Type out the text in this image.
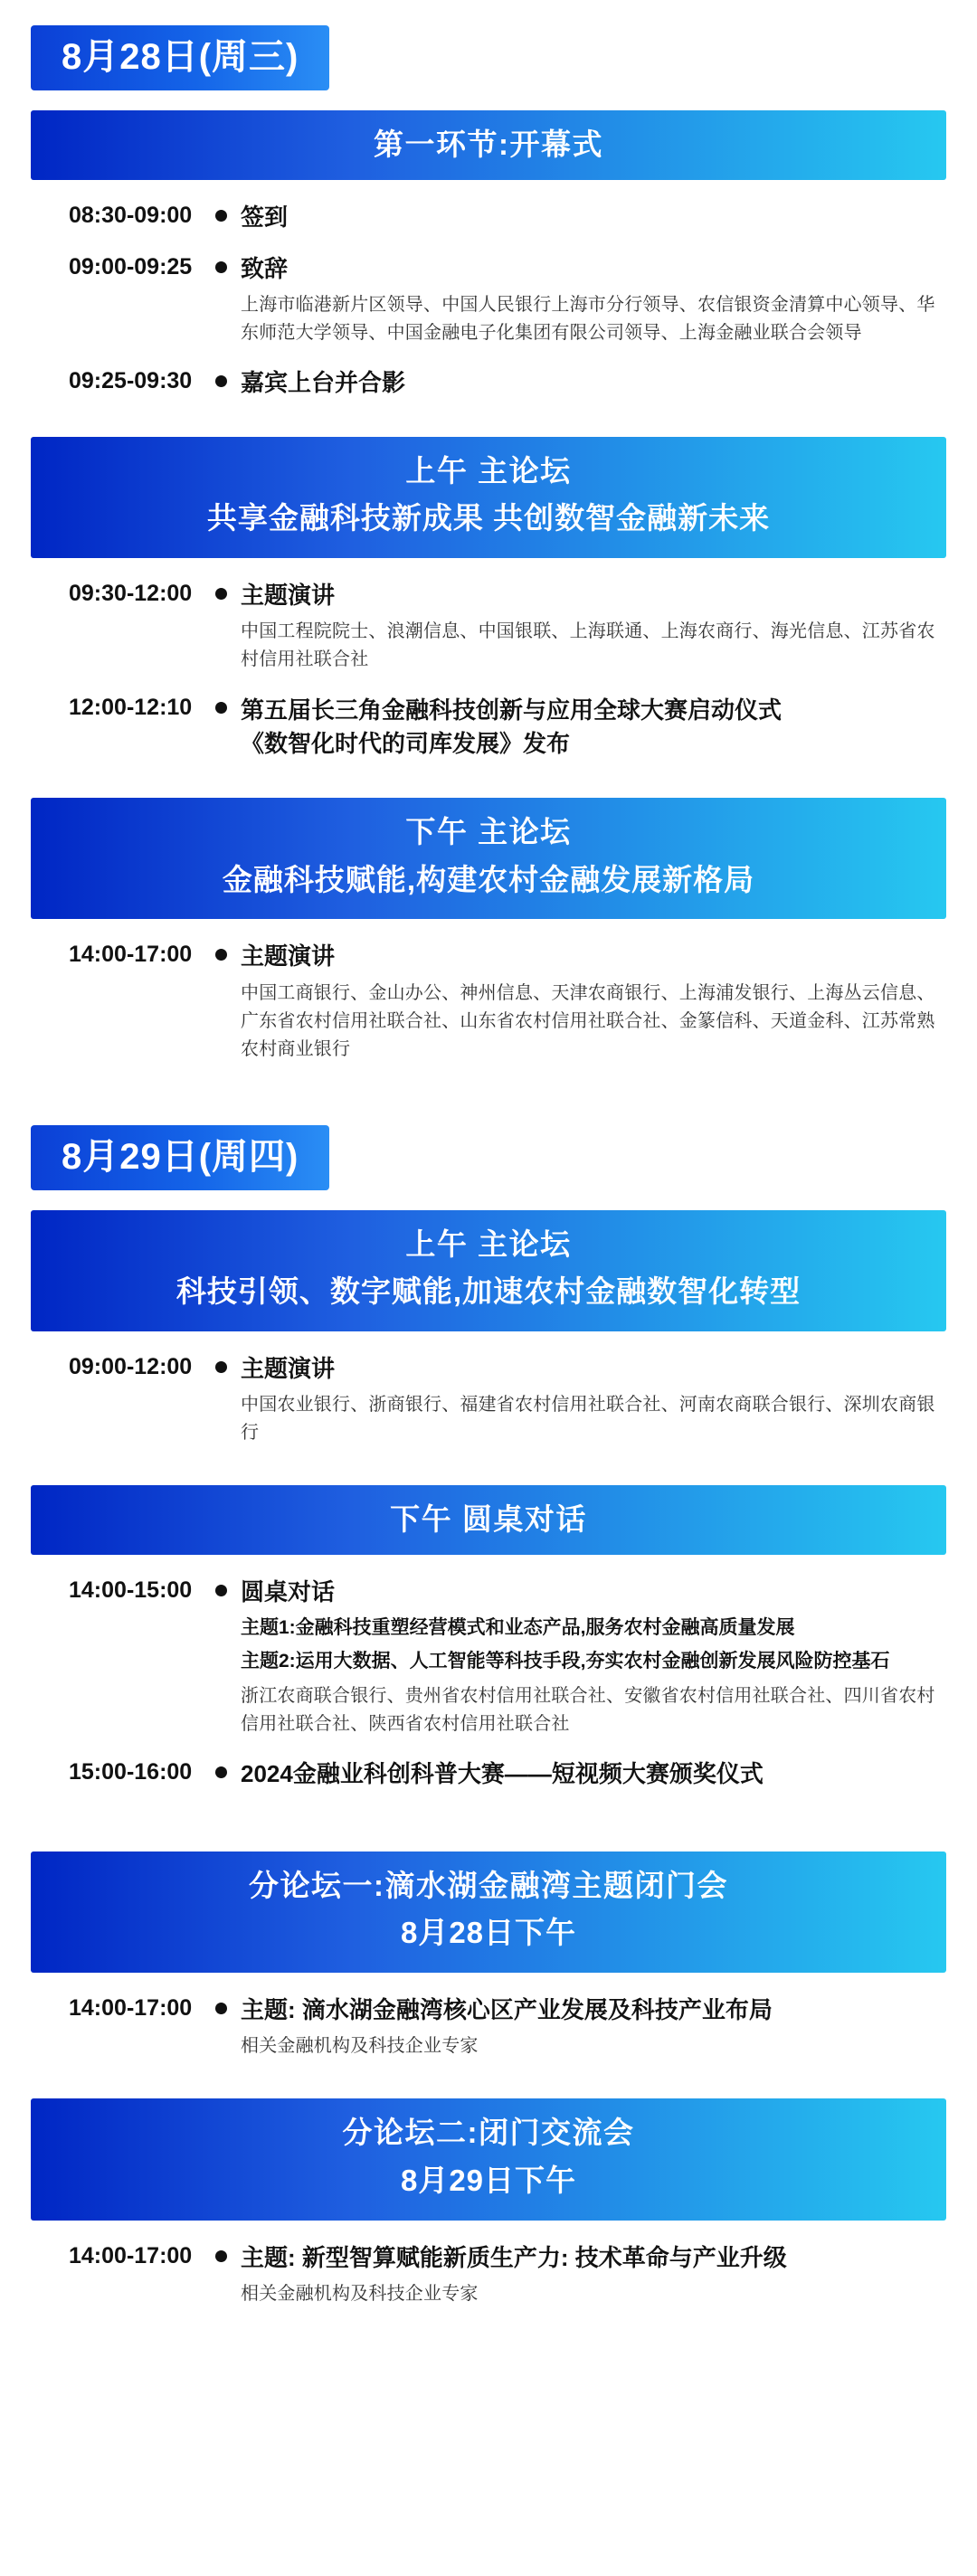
8月28日(周三)
第一环节:开幕式
08:30-09:00	签到
09:00-09:25	致辞
上海市临港新片区领导、中国人民银行上海市分行领导、农信银资金清算中心领导、华东师范大学领导、中国金融电子化集团有限公司领导、上海金融业联合会领导
09:25-09:30	嘉宾上台并合影
上午 主论坛
共享金融科技新成果 共创数智金融新未来
09:30-12:00	主题演讲
中国工程院院士、浪潮信息、中国银联、上海联通、上海农商行、海光信息、江苏省农村信用社联合社
12:00-12:10	第五届长三角金融科技创新与应用全球大赛启动仪式
《数智化时代的司库发展》发布
下午 主论坛
金融科技赋能,构建农村金融发展新格局
14:00-17:00	主题演讲
中国工商银行、金山办公、神州信息、天津农商银行、上海浦发银行、上海丛云信息、广东省农村信用社联合社、山东省农村信用社联合社、金篆信科、天道金科、江苏常熟农村商业银行
8月29日(周四)
上午 主论坛
科技引领、数字赋能,加速农村金融数智化转型
09:00-12:00	主题演讲
中国农业银行、浙商银行、福建省农村信用社联合社、河南农商联合银行、深圳农商银行
下午 圆桌对话
14:00-15:00	圆桌对话
主题1:金融科技重塑经营模式和业态产品,服务农村金融高质量发展
主题2:运用大数据、人工智能等科技手段,夯实农村金融创新发展风险防控基石
浙江农商联合银行、贵州省农村信用社联合社、安徽省农村信用社联合社、四川省农村信用社联合社、陕西省农村信用社联合社
15:00-16:00	2024金融业科创科普大赛——短视频大赛颁奖仪式
分论坛一:滴水湖金融湾主题闭门会
8月28日下午
14:00-17:00	主题: 滴水湖金融湾核心区产业发展及科技产业布局
相关金融机构及科技企业专家
分论坛二:闭门交流会
8月29日下午
14:00-17:00	主题: 新型智算赋能新质生产力: 技术革命与产业升级
相关金融机构及科技企业专家
